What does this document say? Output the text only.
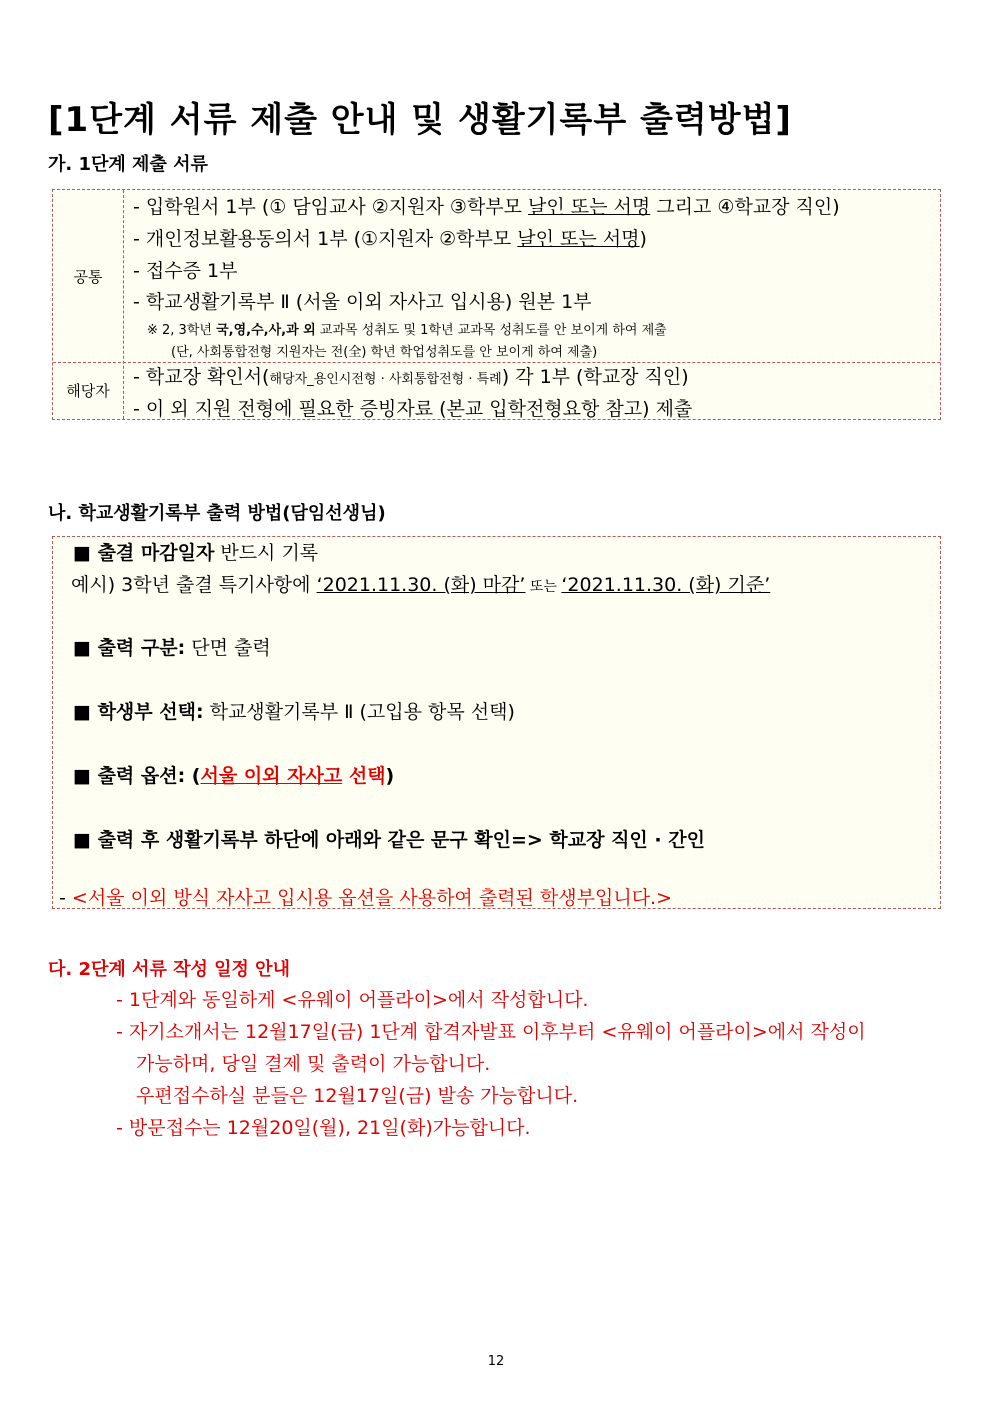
[1단계 서류 제출 안내 및 생활기록부 출력방법]
가. 1단계 제출 서류
공통
- 입학원서 1부 (① 담임교사 ②지원자 ③학부모 날인 또는 서명 그리고 ④학교장 직인)
- 개인정보활용동의서 1부 (①지원자 ②학부모 날인 또는 서명)
- 접수증 1부
- 학교생활기록부 Ⅱ (서울 이외 자사고 입시용) 원본 1부
※ 2, 3학년 국,영,수,사,과 외 교과목 성취도 및 1학년 교과목 성취도를 안 보이게 하여 제출
(단, 사회통합전형 지원자는 전(全) 학년 학업성취도를 안 보이게 하여 제출)
해당자
- 학교장 확인서(해당자_용인시전형 · 사회통합전형 · 특례) 각 1부 (학교장 직인)
- 이 외 지원 전형에 필요한 증빙자료 (본교 입학전형요항 참고) 제출
나. 학교생활기록부 출력 방법(담임선생님)
■ 출결 마감일자 반드시 기록
예시) 3학년 출결 특기사항에 ‘2021.11.30. (화) 마감’ 또는 ‘2021.11.30. (화) 기준’
■ 출력 구분: 단면 출력
■ 학생부 선택: 학교생활기록부 Ⅱ (고입용 항목 선택)
■ 출력 옵션: (서울 이외 자사고 선택)
■ 출력 후 생활기록부 하단에 아래와 같은 문구 확인=> 학교장 직인 · 간인
- <서울 이외 방식 자사고 입시용 옵션을 사용하여 출력된 학생부입니다.>
다. 2단계 서류 작성 일정 안내
- 1단계와 동일하게 <유웨이 어플라이>에서 작성합니다.
- 자기소개서는 12월17일(금) 1단계 합격자발표 이후부터 <유웨이 어플라이>에서 작성이
가능하며, 당일 결제 및 출력이 가능합니다.
우편접수하실 분들은 12월17일(금) 발송 가능합니다.
- 방문접수는 12월20일(월), 21일(화)가능합니다.
12
